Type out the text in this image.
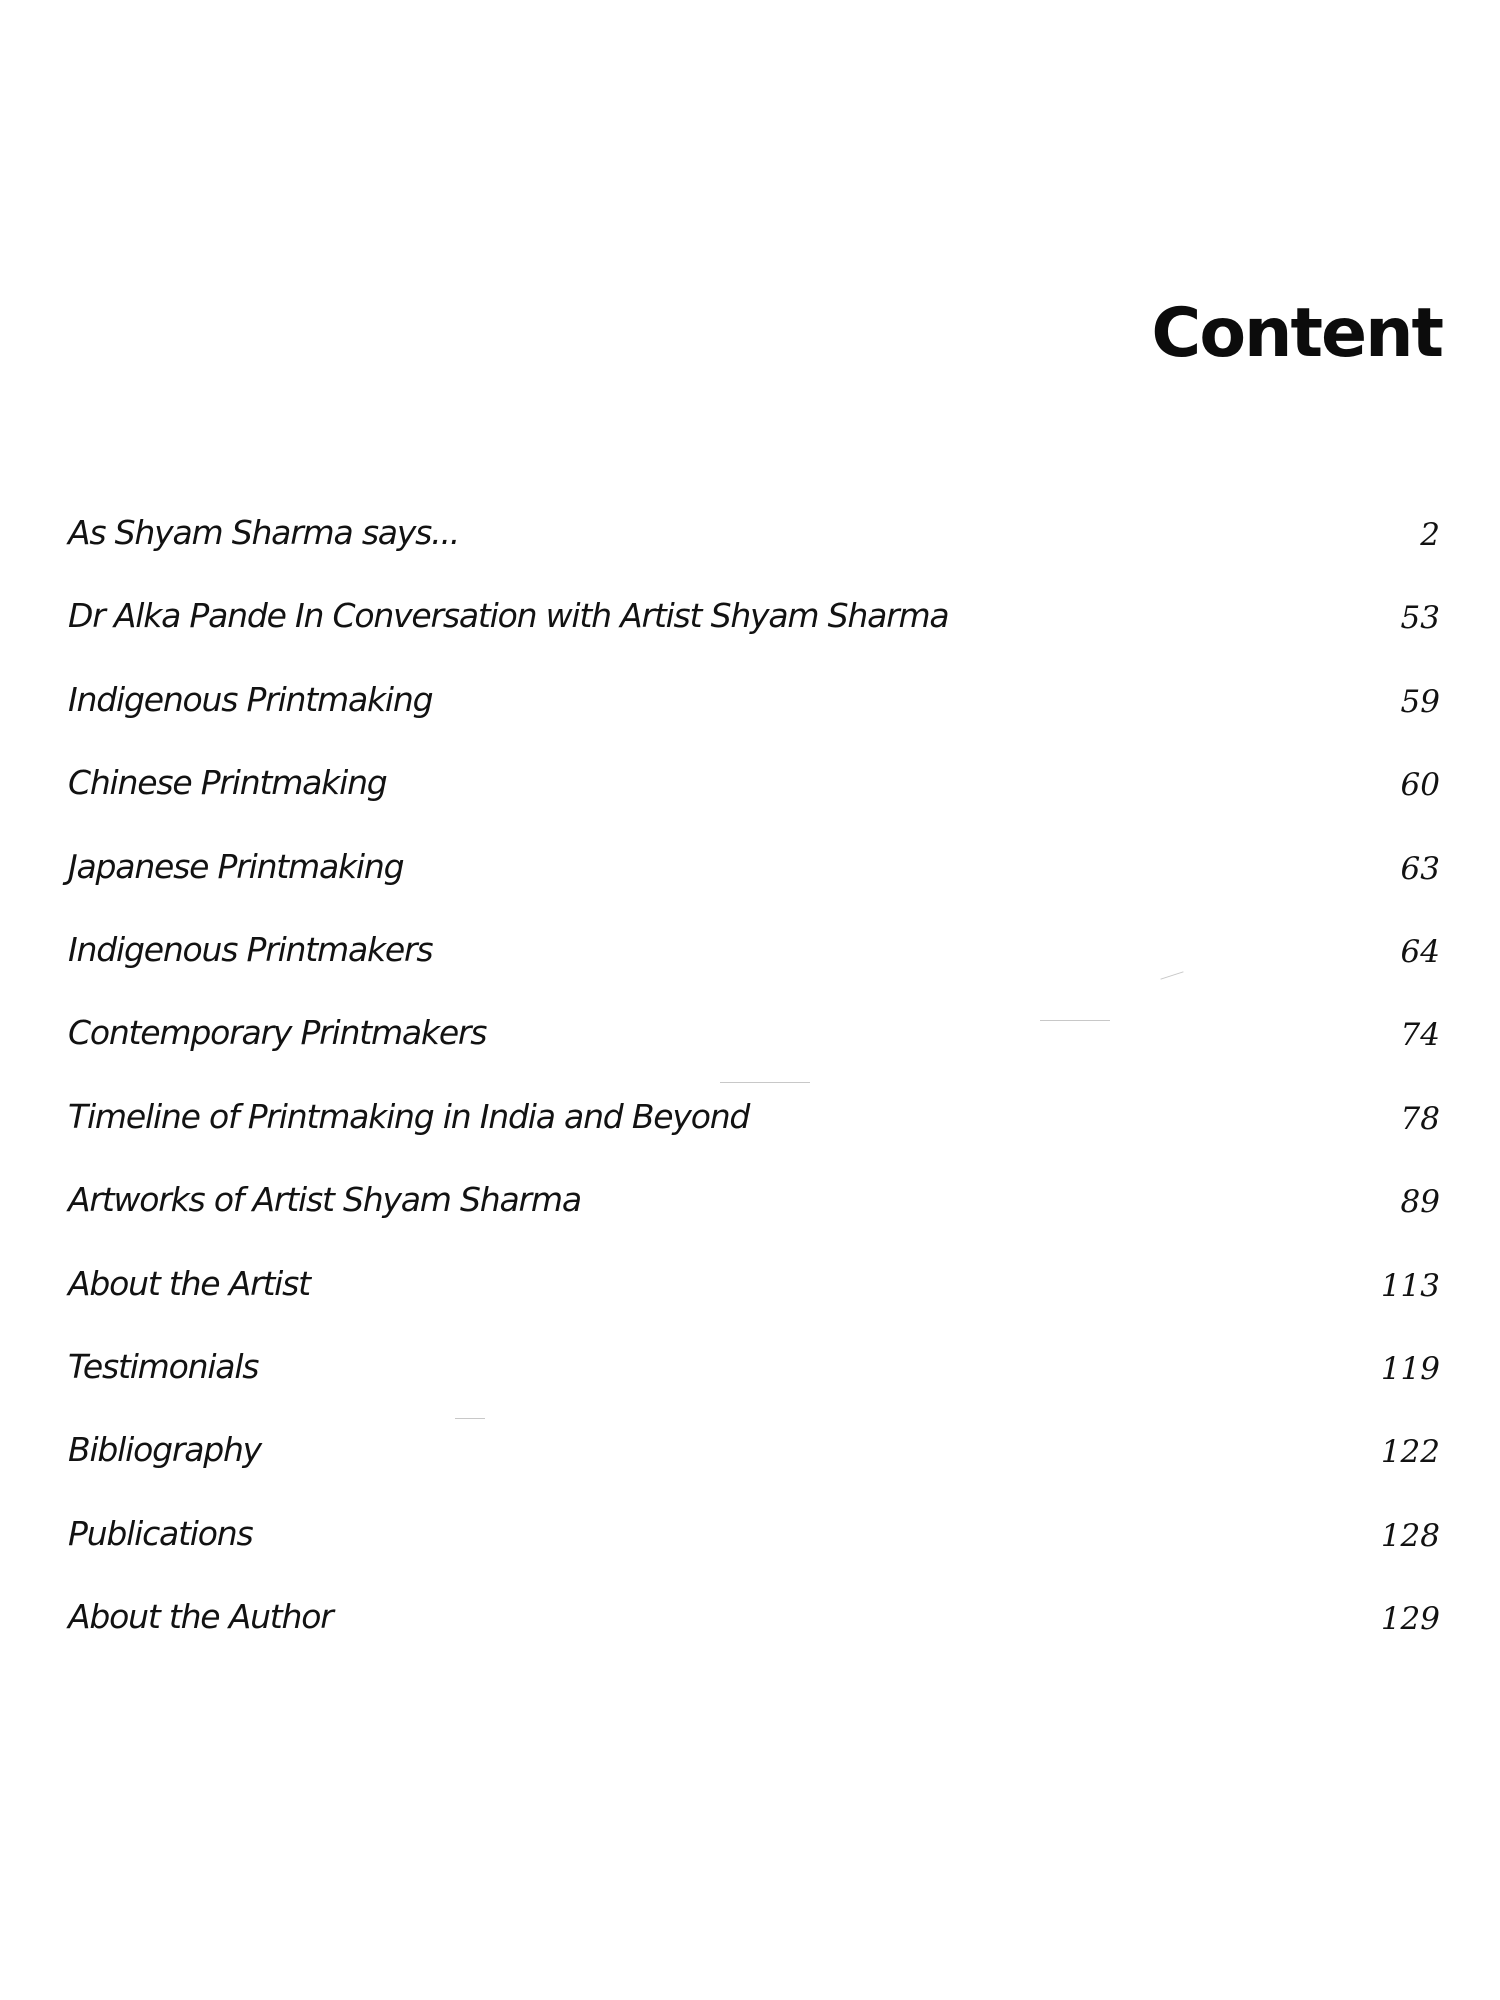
Content
As Shyam Sharma says...	2
Dr Alka Pande In Conversation with Artist Shyam Sharma	53
Indigenous Printmaking	59
Chinese Printmaking	60
Japanese Printmaking	63
Indigenous Printmakers	64
Contemporary Printmakers	74
Timeline of Printmaking in India and Beyond	78
Artworks of Artist Shyam Sharma	89
About the Artist	113
Testimonials	119
Bibliography	122
Publications	128
About the Author	129
